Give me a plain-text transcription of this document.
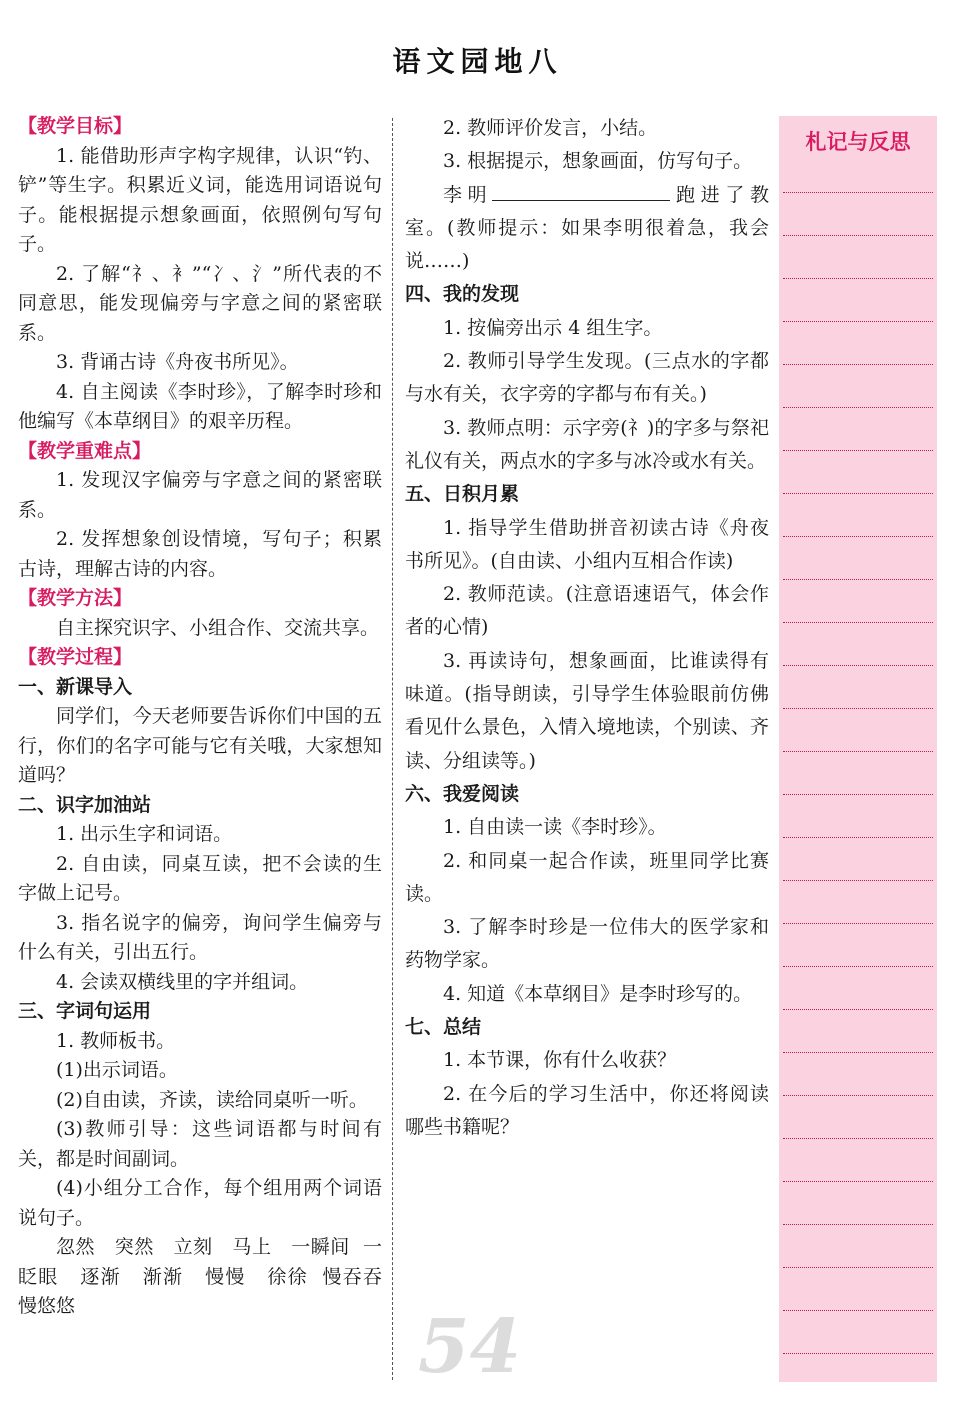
语文园地八

【教学目标】

1. 能借助形声字构字规律，认识“钓、铲”等生字。积累近义词，能选用词语说句子。能根据提示想象画面，依照例句写句子。

2. 了解“礻、衤”“冫、氵”所代表的不同意思，能发现偏旁与字意之间的紧密联系。

3. 背诵古诗《舟夜书所见》。

4. 自主阅读《李时珍》，了解李时珍和他编写《本草纲目》的艰辛历程。

【教学重难点】

1. 发现汉字偏旁与字意之间的紧密联系。

2. 发挥想象创设情境，写句子；积累古诗，理解古诗的内容。

【教学方法】

自主探究识字、小组合作、交流共享。

【教学过程】

一、新课导入

同学们，今天老师要告诉你们中国的五行，你们的名字可能与它有关哦，大家想知道吗？

二、识字加油站

1. 出示生字和词语。

2. 自由读，同桌互读，把不会读的生字做上记号。

3. 指名说字的偏旁，询问学生偏旁与什么有关，引出五行。

4. 会读双横线里的字并组词。

三、字词句运用

1. 教师板书。

(1)出示词语。

(2)自由读，齐读，读给同桌听一听。

(3)教师引导：这些词语都与时间有关，都是时间副词。

(4)小组分工合作，每个组用两个词语说句子。

忽然   突然   立刻   马上   一瞬间  一眨眼   逐渐   渐渐   慢慢   徐徐  慢吞吞   慢悠悠

2. 教师评价发言，小结。

3. 根据提示，想象画面，仿写句子。

李明	跑进了教室。(教师提示：如果李明很着急，我会说……)

四、我的发现

1. 按偏旁出示 4 组生字。

2. 教师引导学生发现。(三点水的字都与水有关，衣字旁的字都与布有关。)

3. 教师点明：示字旁(礻)的字多与祭祀礼仪有关，两点水的字多与冰冷或水有关。

五、日积月累

1. 指导学生借助拼音初读古诗《舟夜书所见》。(自由读、小组内互相合作读)

2. 教师范读。(注意语速语气，体会作者的心情)

3. 再读诗句，想象画面，比谁读得有味道。(指导朗读，引导学生体验眼前仿佛看见什么景色，入情入境地读，个别读、齐读、分组读等。)

六、我爱阅读

1. 自由读一读《李时珍》。

2. 和同桌一起合作读，班里同学比赛读。

3. 了解李时珍是一位伟大的医学家和药物学家。

4. 知道《本草纲目》是李时珍写的。

七、总结

1. 本节课，你有什么收获？

2. 在今后的学习生活中，你还将阅读哪些书籍呢？

54
札记与反思
